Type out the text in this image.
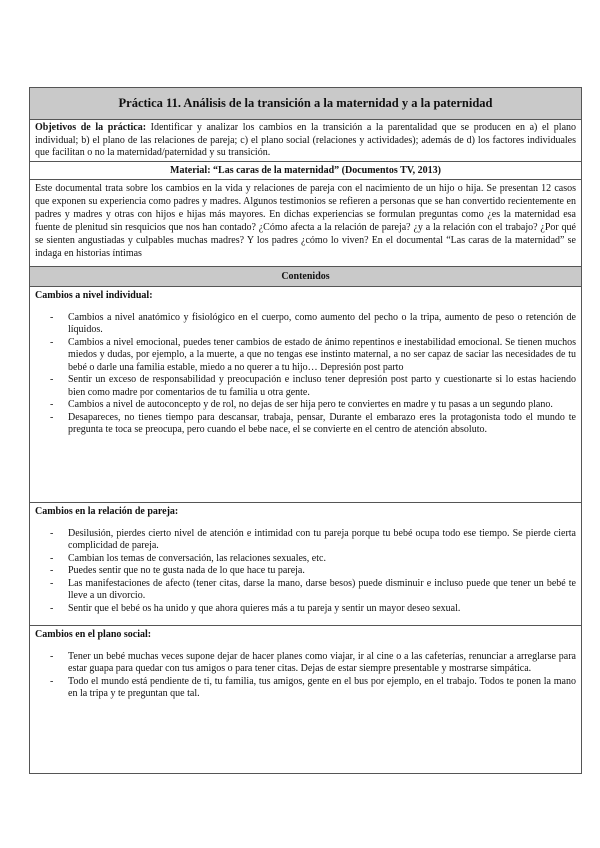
Práctica 11. Análisis de la transición a la maternidad y a la paternidad
Objetivos de la práctica: Identificar y analizar los cambios en la transición a la parentalidad que se producen en a) el plano individual; b) el plano de las relaciones de pareja; c) el plano social (relaciones y actividades); además de d) los factores individuales que facilitan o no la maternidad/paternidad y su transición.
Material: “Las caras de la maternidad” (Documentos TV, 2013)
Este documental trata sobre los cambios en la vida y relaciones de pareja con el nacimiento de un hijo o hija. Se presentan 12 casos que exponen su experiencia como padres y madres. Algunos testimonios se refieren a personas que se han convertido recientemente en padres y madres y otras con hijos e hijas más mayores. En dichas experiencias se formulan preguntas como ¿es la maternidad esa fuente de plenitud sin resquicios que nos han contado? ¿Cómo afecta a la relación de pareja? ¿y a la relación con el trabajo? ¿Por qué se sienten angustiadas y culpables muchas madres? Y los padres ¿cómo lo viven? En el documental “Las caras de la maternidad” se indaga en historias íntimas
Contenidos
Cambios a nivel individual:
- Cambios a nivel anatómico y fisiológico en el cuerpo, como aumento del pecho o la tripa, aumento de peso o retención de líquidos.
- Cambios a nivel emocional, puedes tener cambios de estado de ánimo repentinos e inestabilidad emocional. Se tienen muchos miedos y dudas, por ejemplo, a la muerte, a que no tengas ese instinto maternal, a no ser capaz de saciar las necesidades de tu bebé o darle una familia estable, miedo a no querer a tu hijo… Depresión post parto
- Sentir un exceso de responsabilidad y preocupación e incluso tener depresión post parto y cuestionarte si lo estas haciendo bien como madre por comentarios de tu familia u otra gente.
- Cambios a nivel de autoconcepto y de rol, no dejas de ser hija pero te conviertes en madre y tu pasas a un segundo plano.
- Desapareces, no tienes tiempo para descansar, trabaja, pensar, Durante el embarazo eres la protagonista todo el mundo te pregunta te toca se preocupa, pero cuando el bebe nace, el se convierte en el centro de atención absoluto.
Cambios en la relación de pareja:
- Desilusión, pierdes cierto nivel de atención e intimidad con tu pareja porque tu bebé ocupa todo ese tiempo. Se pierde cierta complicidad de pareja.
- Cambian los temas de conversación, las relaciones sexuales, etc.
- Puedes sentir que no te gusta nada de lo que hace tu pareja.
- Las manifestaciones de afecto (tener citas, darse la mano, darse besos) puede disminuir e incluso puede que tener un bebé te lleve a un divorcio.
- Sentir que el bebé os ha unido y que ahora quieres más a tu pareja y sentir un mayor deseo sexual.
Cambios en el plano social:
- Tener un bebé muchas veces supone dejar de hacer planes como viajar, ir al cine o a las cafeterías, renunciar a arreglarse para estar guapa para quedar con tus amigos o para tener citas. Dejas de estar siempre presentable y mostrarse simpática.
- Todo el mundo está pendiente de ti, tu familia, tus amigos, gente en el bus por ejemplo, en el trabajo. Todos te ponen la mano en la tripa y te preguntan que tal.
